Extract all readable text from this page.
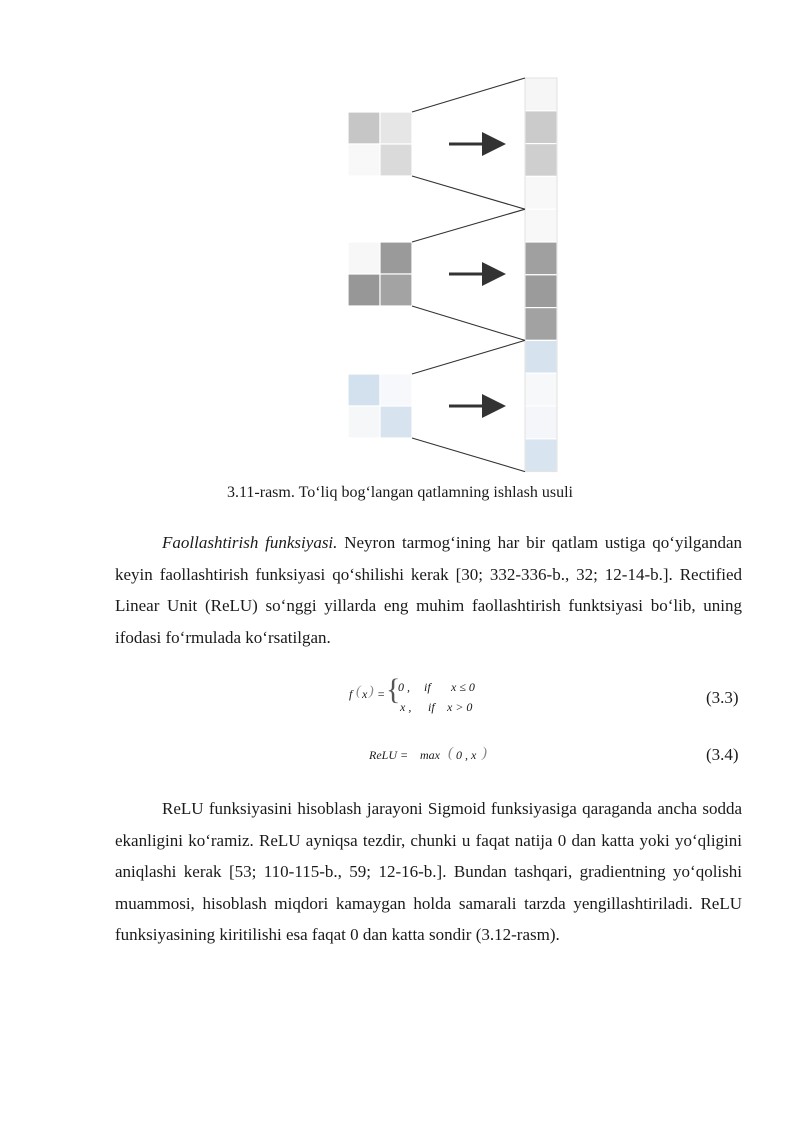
3.11-rasm. To‘liq bog‘langan qatlamning ishlash usuli

Faollashtirish funksiyasi. Neyron tarmog‘ining har bir qatlam ustiga qo‘yilgandan keyin faollashtirish funksiyasi qo‘shilishi kerak [30; 332-336-b., 32; 12-14-b.]. Rectified Linear Unit (ReLU) so‘nggi yillarda eng muhim faollashtirish funktsiyasi bo‘lib, uning ifodasi fo‘rmulada ko‘rsatilgan.

f ( x ) = {
0 , if x ≤ 0
x , if x > 0	(3.3)
ReLU = max ( 0 , x )	(3.4)

ReLU funksiyasini hisoblash jarayoni Sigmoid funksiyasiga qaraganda ancha sodda ekanligini ko‘ramiz. ReLU ayniqsa tezdir, chunki u faqat natija 0 dan katta yoki yo‘qligini aniqlashi kerak [53; 110-115-b., 59; 12-16-b.]. Bundan tashqari, gradientning yo‘qolishi muammosi, hisoblash miqdori kamaygan holda samarali tarzda yengillashtiriladi. ReLU funksiyasining kiritilishi esa faqat 0 dan katta sondir (3.12-rasm).
